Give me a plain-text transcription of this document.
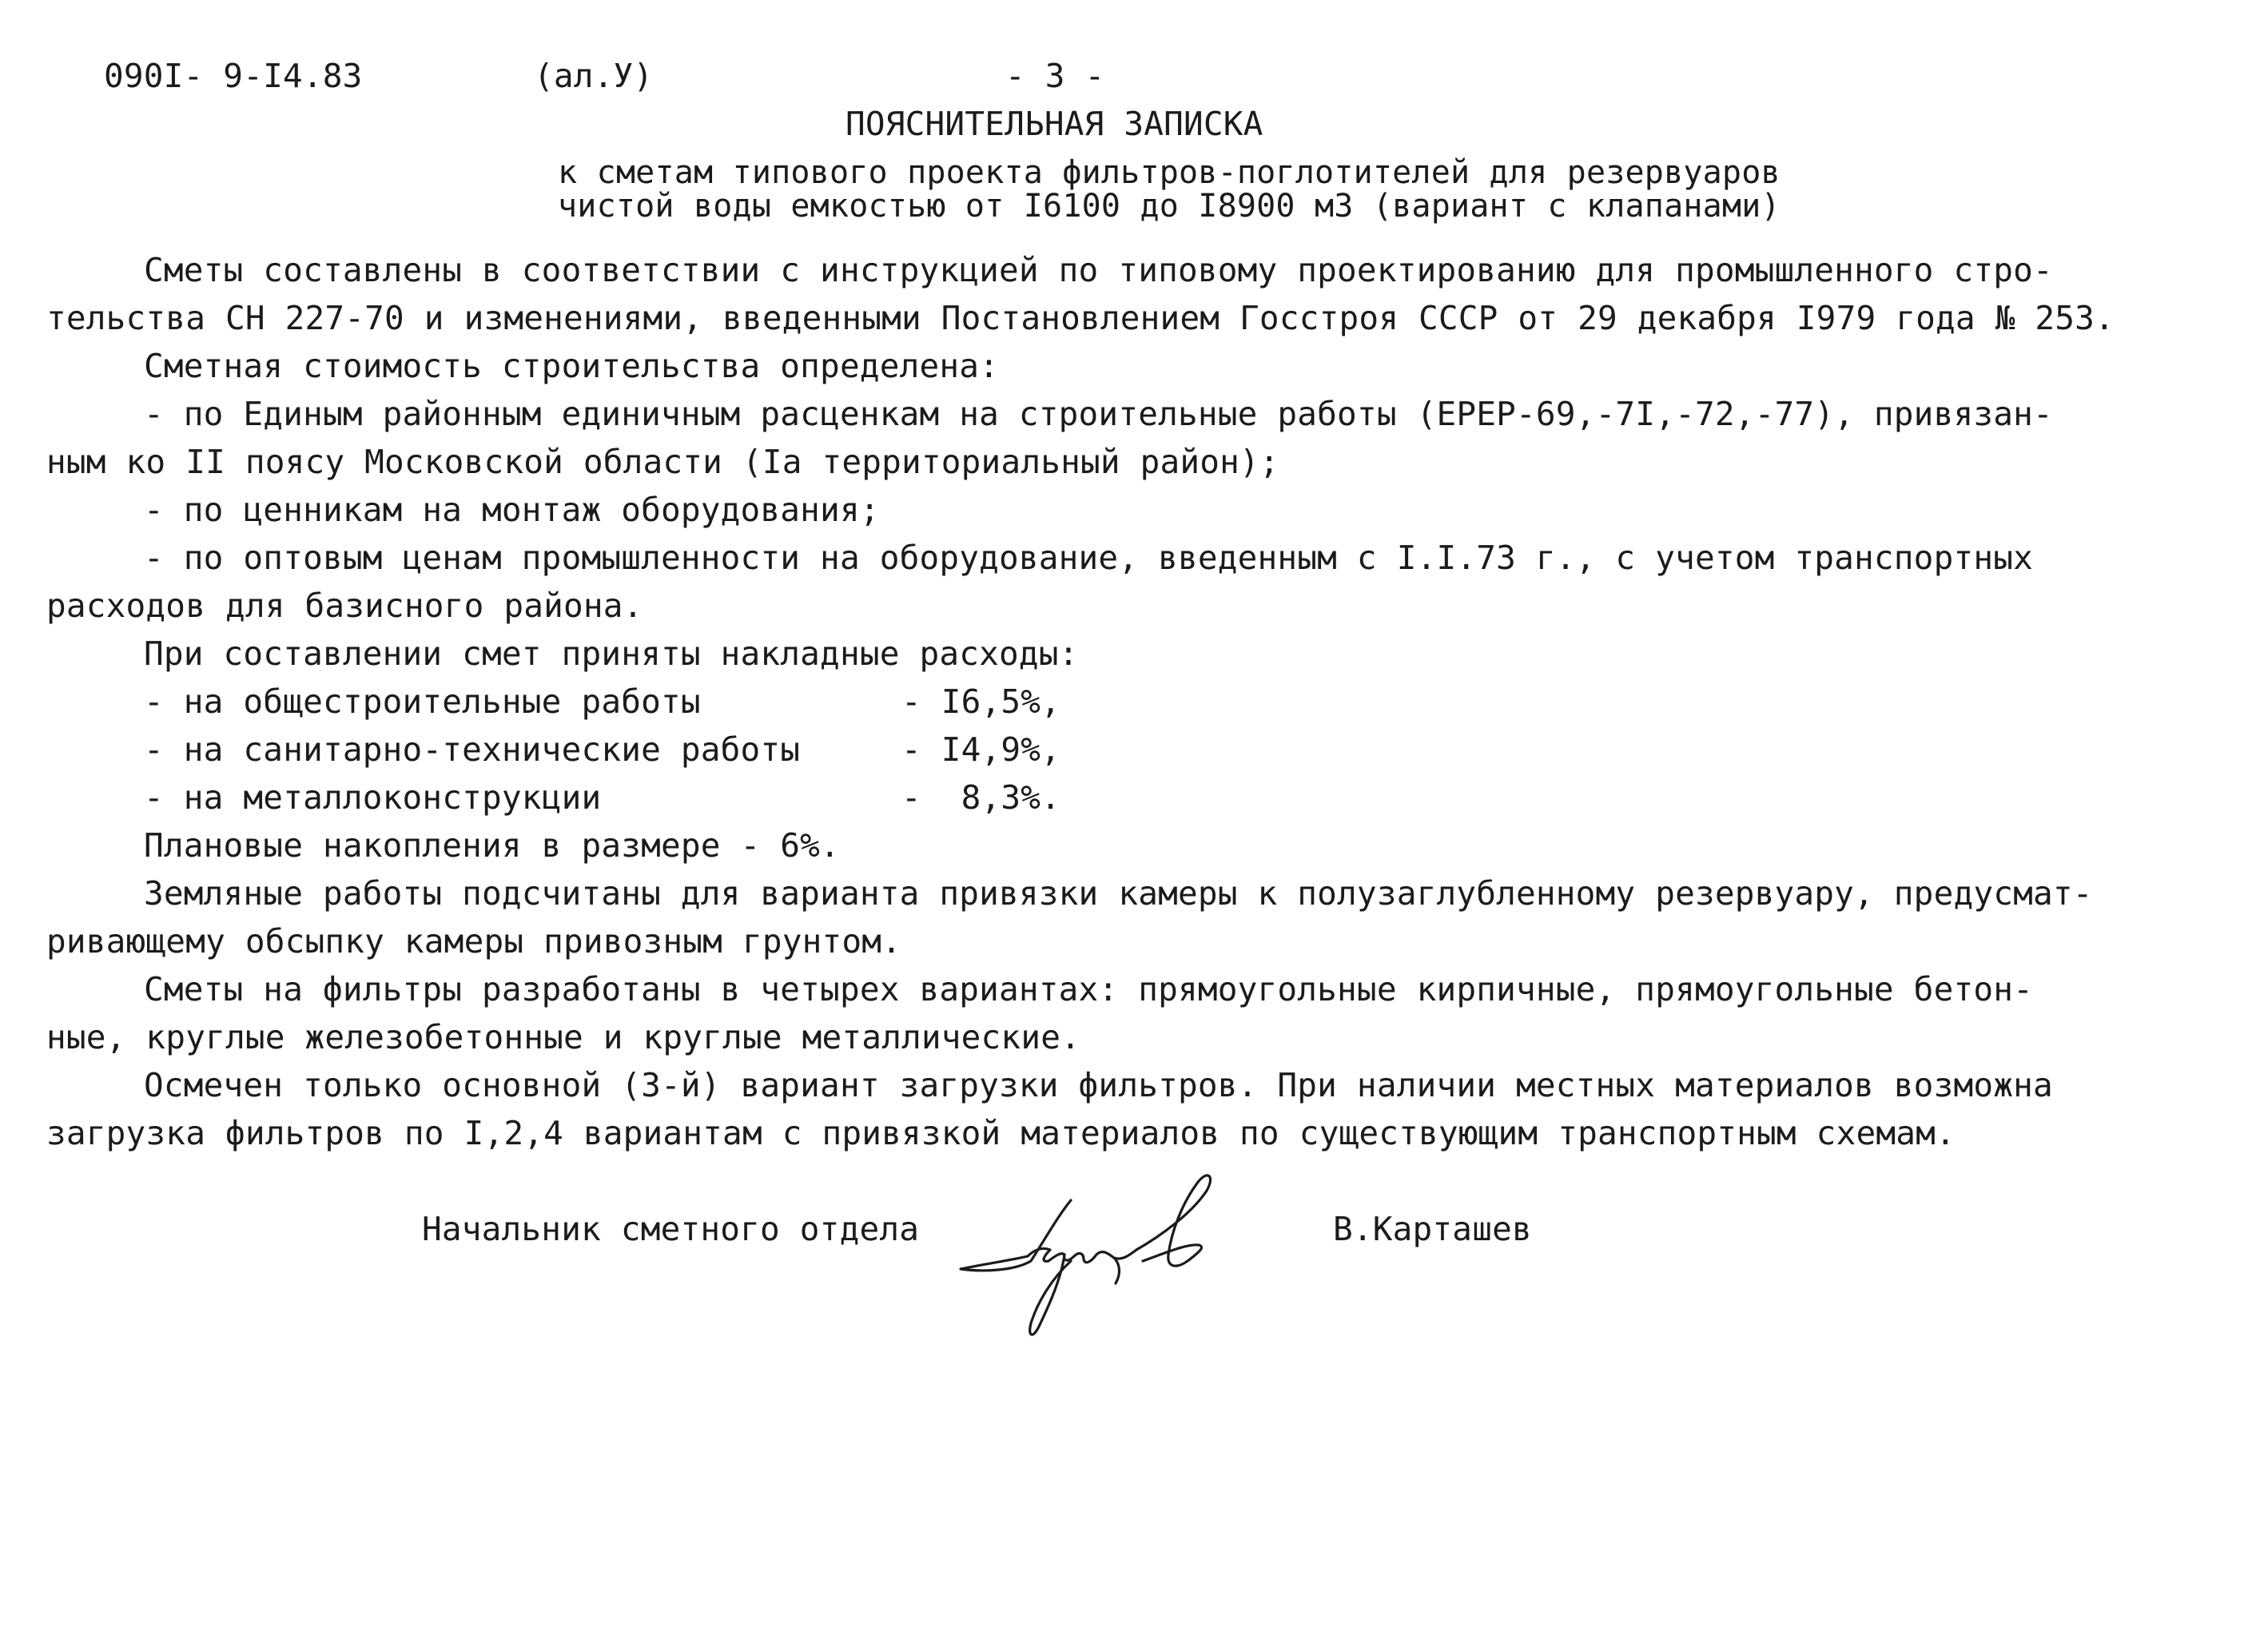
090I- 9-I4.83	(ал.У)	- 3 -
ПОЯСНИТЕЛЬНАЯ ЗАПИСКА
к сметам типового проекта фильтров-поглотителей для резервуаров
чистой воды емкостью от I6100 до I8900 м3 (вариант с клапанами)
Сметы составлены в соответствии с инструкцией по типовому проектированию для промышленного стро-
тельства СН 227-70 и изменениями, введенными Постановлением Госстроя СССР от 29 декабря I979 года № 253.
Сметная стоимость строительства определена:
- по Единым районным единичным расценкам на строительные работы (ЕРЕР-69,-7I,-72,-77), привязан-
ным ко II поясу Московской области (Iа территориальный район);
- по ценникам на монтаж оборудования;
- по оптовым ценам промышленности на оборудование, введенным с I.I.73 г., с учетом транспортных
расходов для базисного района.
При составлении смет приняты накладные расходы:
- на общестроительные работы	- I6,5%,
- на санитарно-технические работы	- I4,9%,
- на металлоконструкции	-  8,3%.
Плановые накопления в размере - 6%.
Земляные работы подсчитаны для варианта привязки камеры к полузаглубленному резервуару, предусмат-
ривающему обсыпку камеры привозным грунтом.
Сметы на фильтры разработаны в четырех вариантах: прямоугольные кирпичные, прямоугольные бетон-
ные, круглые железобетонные и круглые металлические.
Осмечен только основной (3-й) вариант загрузки фильтров. При наличии местных материалов возможна
загрузка фильтров по I,2,4 вариантам с привязкой материалов по существующим транспортным схемам.
Начальник сметного отдела	В.Карташев
